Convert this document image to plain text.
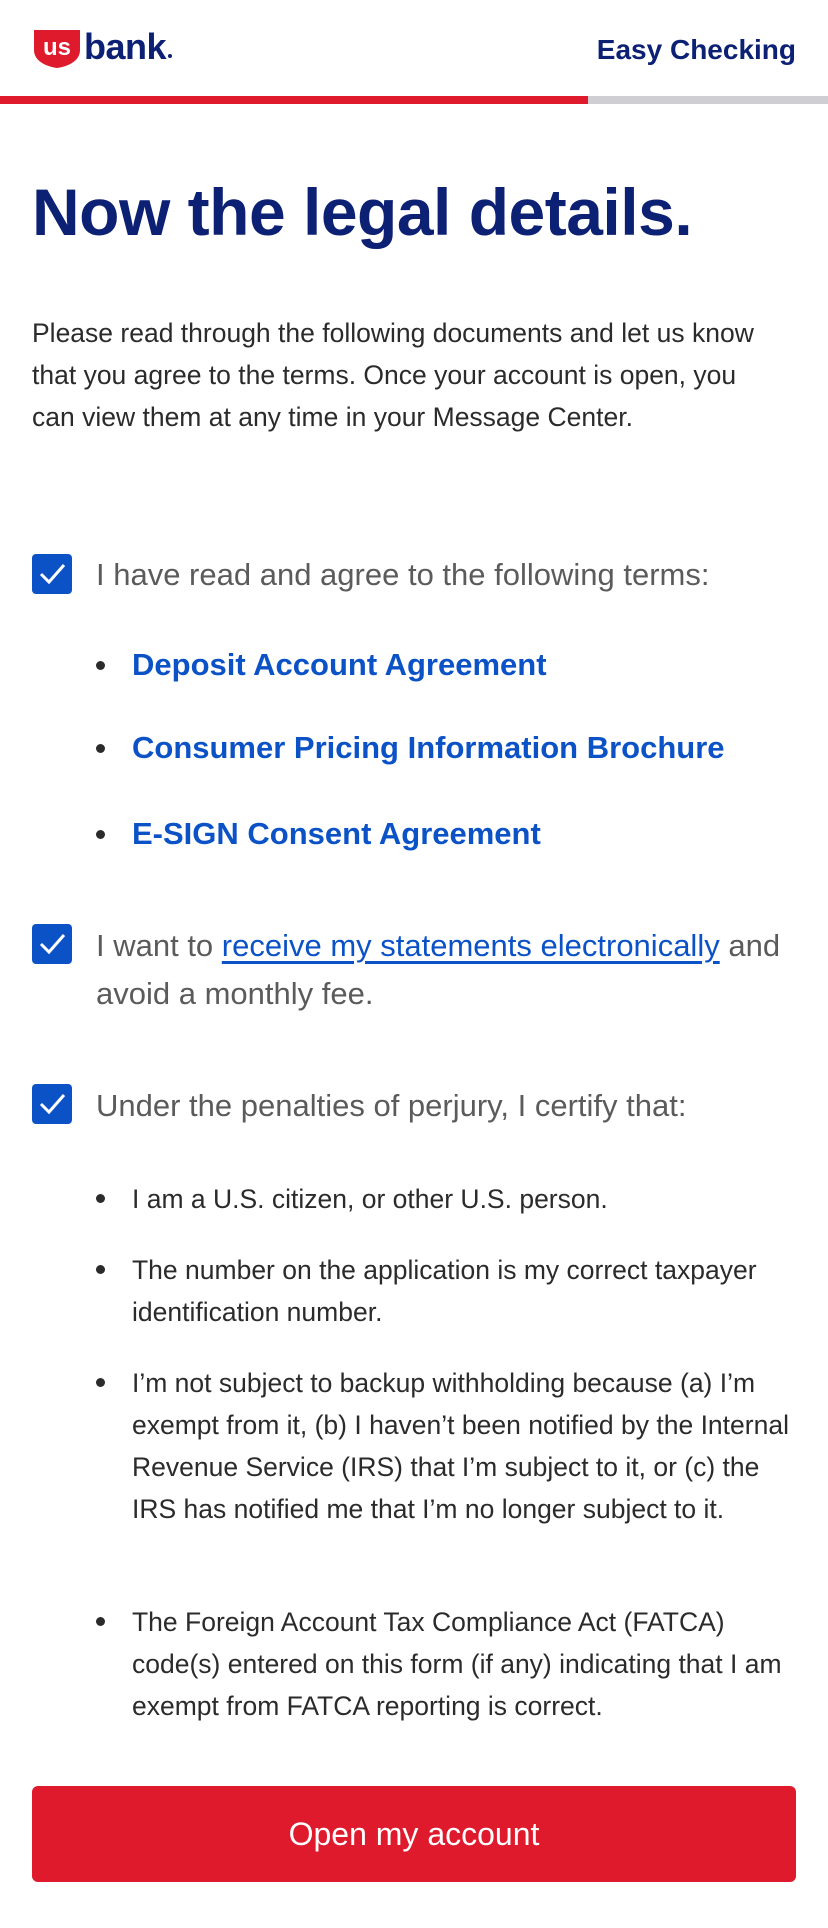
us bank	Easy Checking
Now the legal details.

Please read through the following documents and let us know that you agree to the terms. Once your account is open, you can view them at any time in your Message Center.

I have read and agree to the following terms:
Deposit Account Agreement
Consumer Pricing Information Brochure
E-SIGN Consent Agreement
I want to receive my statements electronically and avoid a monthly fee.
Under the penalties of perjury, I certify that:
I am a U.S. citizen, or other U.S. person.
The number on the application is my correct taxpayer identification number.
I’m not subject to backup withholding because (a) I’m exempt from it, (b) I haven’t been notified by the Internal Revenue Service (IRS) that I’m subject to it, or (c) the IRS has notified me that I’m no longer subject to it.
The Foreign Account Tax Compliance Act (FATCA) code(s) entered on this form (if any) indicating that I am exempt from FATCA reporting is correct.
Open my account
